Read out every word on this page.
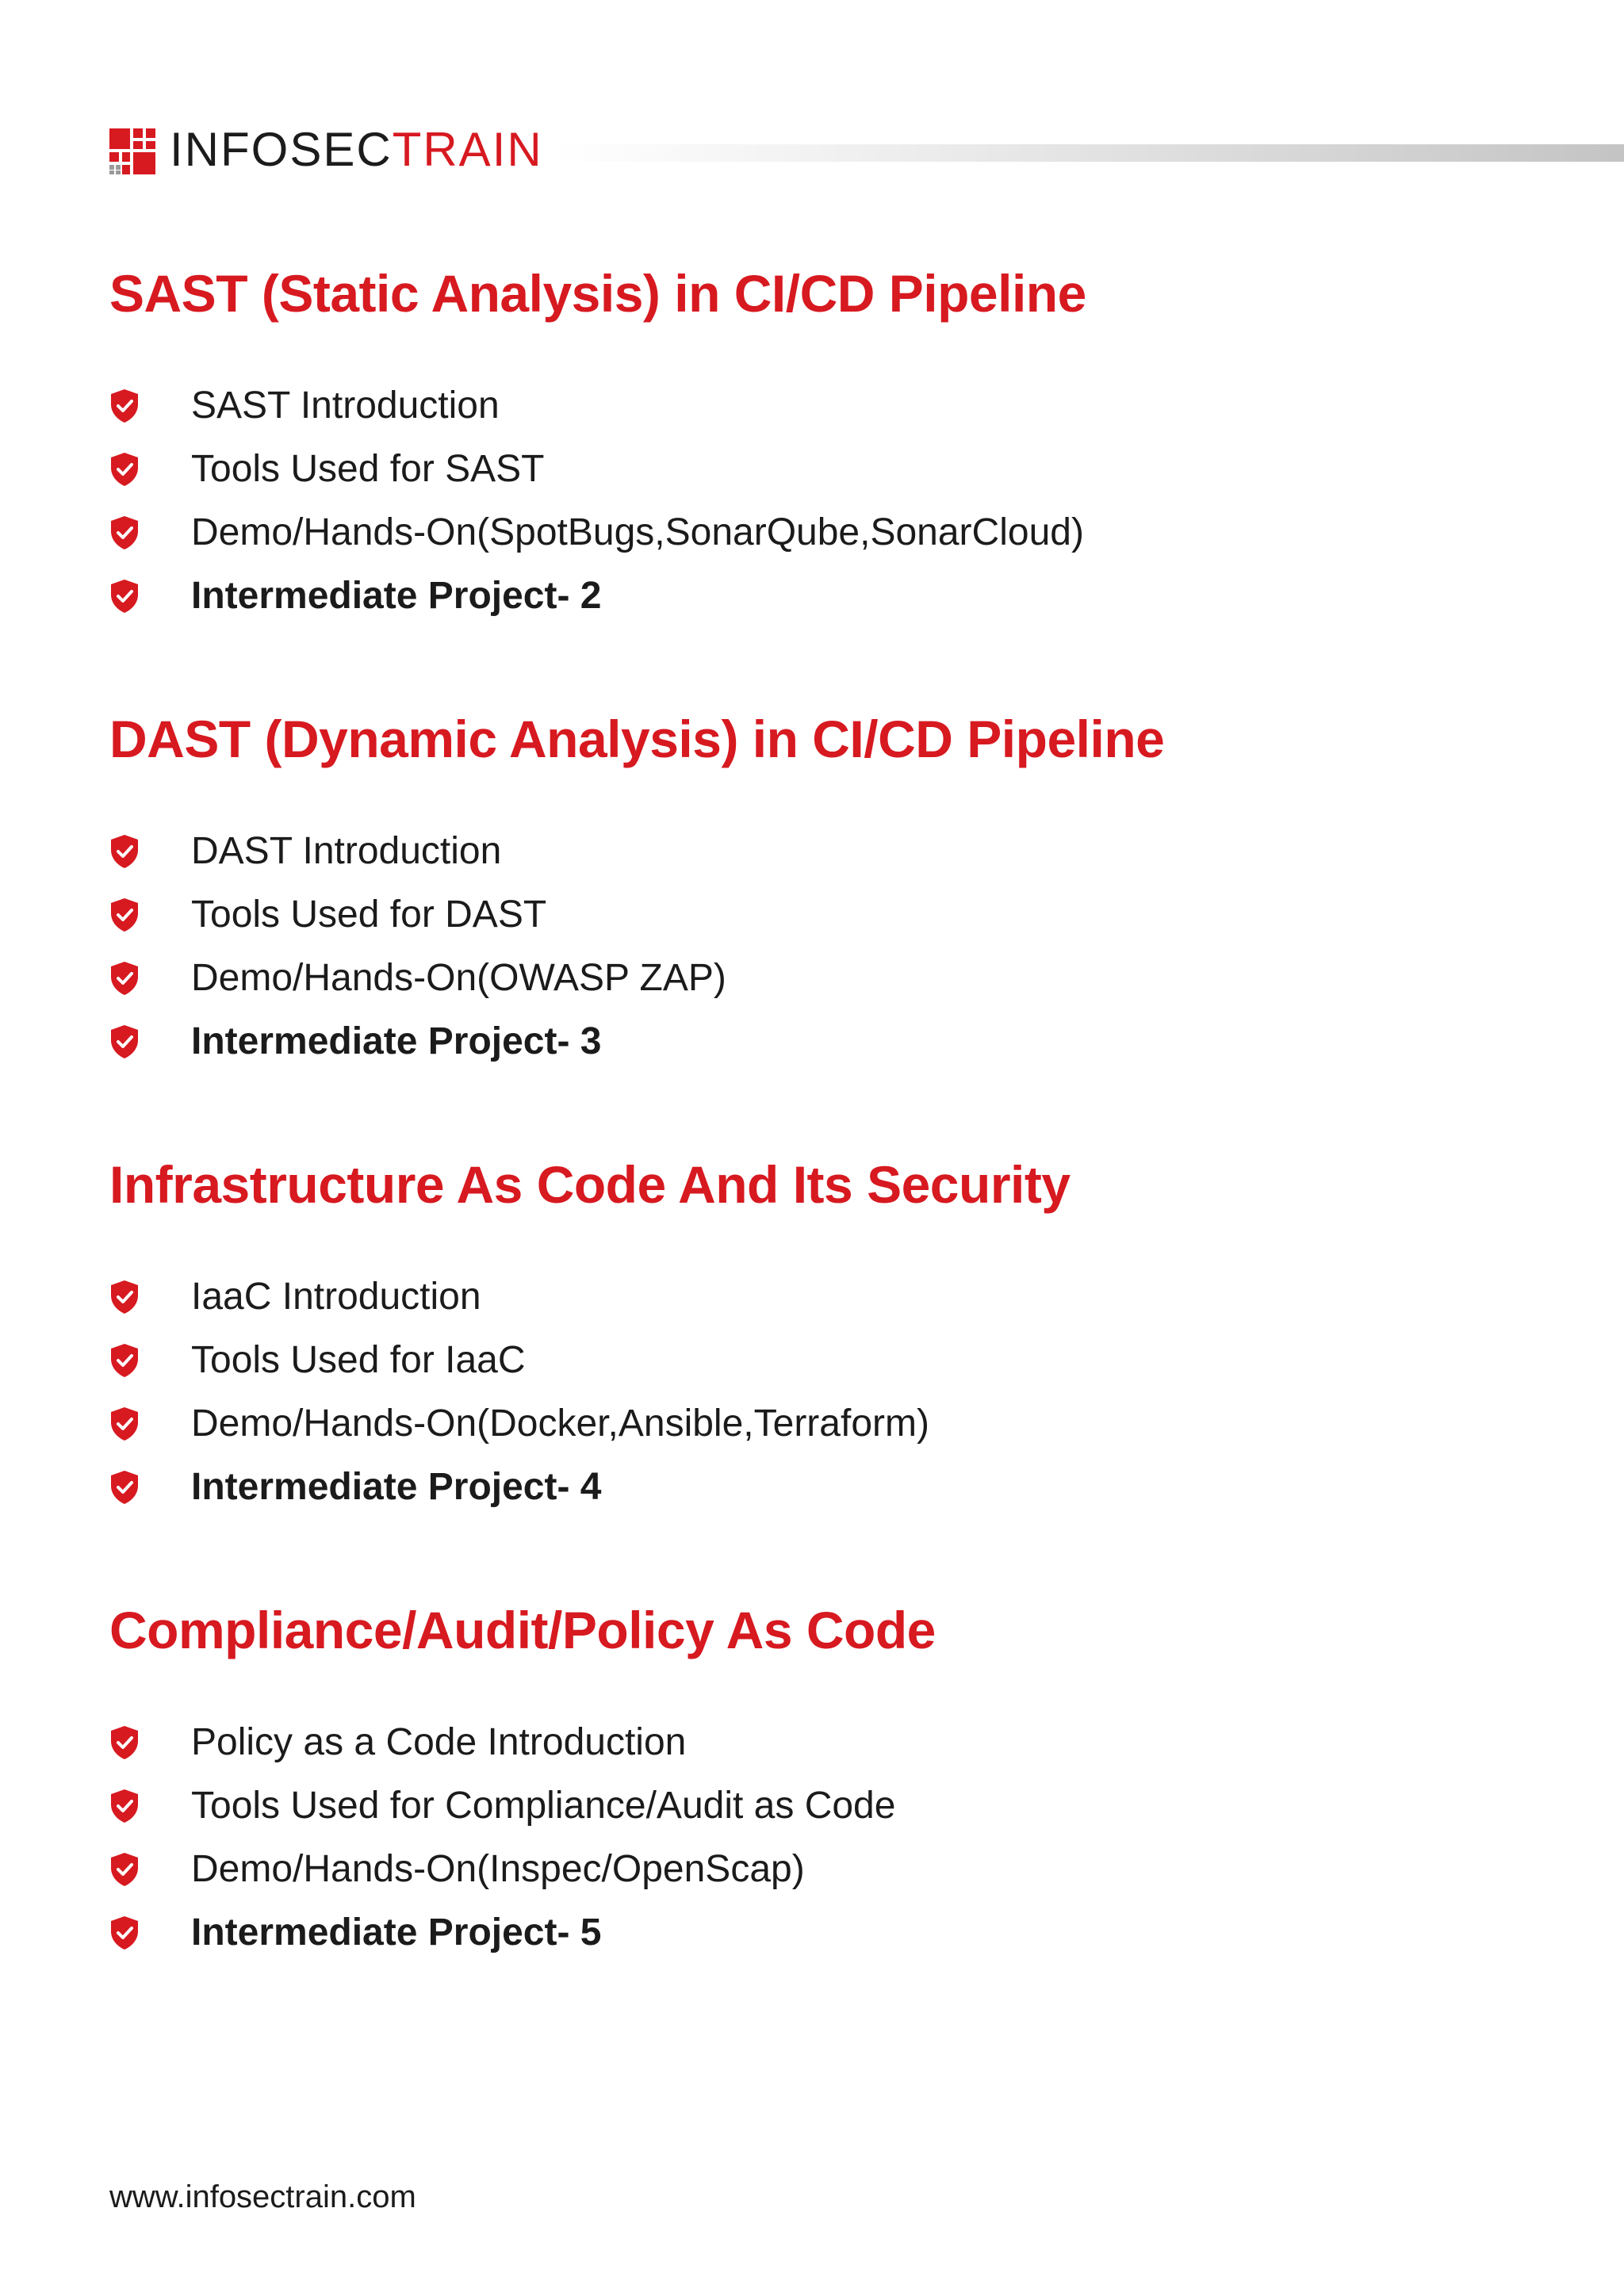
INFOSECTRAIN
SAST (Static Analysis) in CI/CD Pipeline
SAST Introduction
Tools Used for SAST
Demo/Hands-On(SpotBugs,SonarQube,SonarCloud)
Intermediate Project- 2
DAST (Dynamic Analysis) in CI/CD Pipeline
DAST Introduction
Tools Used for DAST
Demo/Hands-On(OWASP ZAP)
Intermediate Project- 3
Infrastructure As Code And Its Security
IaaC Introduction
Tools Used for IaaC
Demo/Hands-On(Docker,Ansible,Terraform)
Intermediate Project- 4
Compliance/Audit/Policy As Code
Policy as a Code Introduction
Tools Used for Compliance/Audit as Code
Demo/Hands-On(Inspec/OpenScap)
Intermediate Project- 5
www.infosectrain.com
